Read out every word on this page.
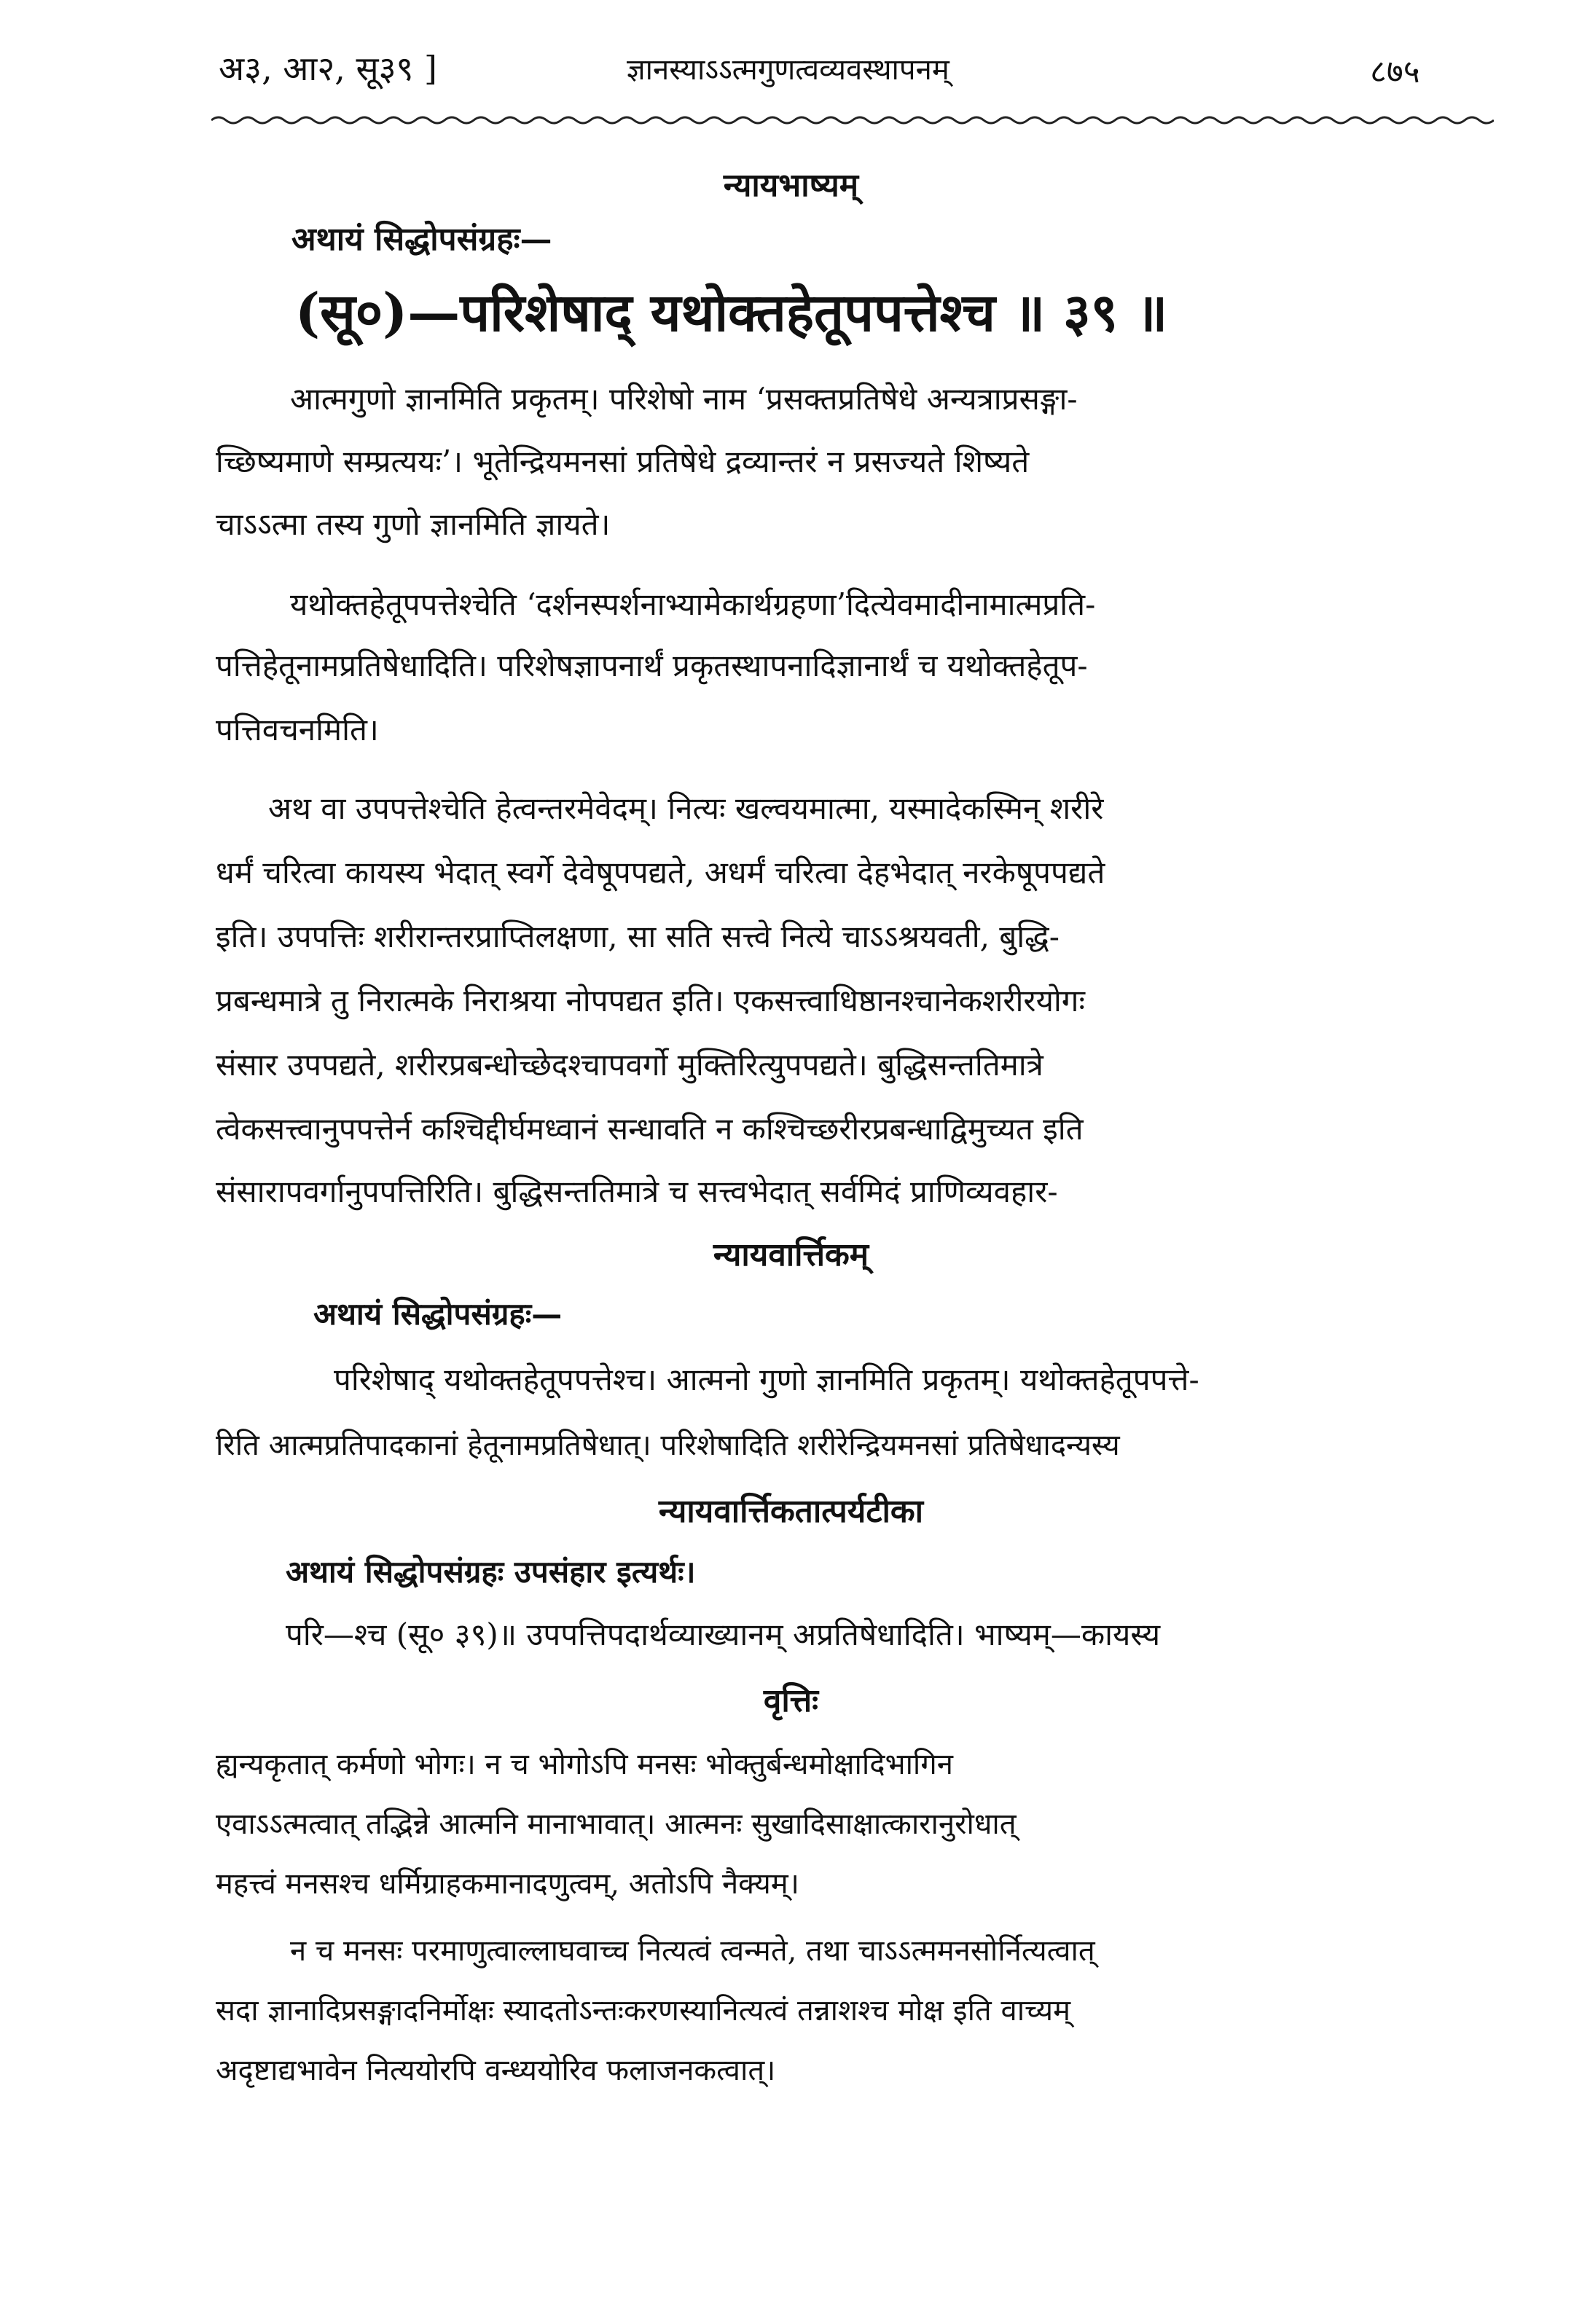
अ३, आ२, सू३९ ]	ज्ञानस्याऽऽत्मगुणत्वव्यवस्थापनम्	८७५
न्यायभाष्यम्
अथायं सिद्धोपसंग्रहः—
(सू०)—परिशेषाद् यथोक्तहेतूपपत्तेश्च ॥ ३९ ॥
आत्मगुणो ज्ञानमिति प्रकृतम्। परिशेषो नाम ‘प्रसक्तप्रतिषेधे अन्यत्राप्रसङ्गा-
च्छिष्यमाणे सम्प्रत्ययः’। भूतेन्द्रियमनसां प्रतिषेधे द्रव्यान्तरं न प्रसज्यते शिष्यते
चाऽऽत्मा तस्य गुणो ज्ञानमिति ज्ञायते।
यथोक्तहेतूपपत्तेश्चेति ‘दर्शनस्पर्शनाभ्यामेकार्थग्रहणा’दित्येवमादीनामात्मप्रति-
पत्तिहेतूनामप्रतिषेधादिति। परिशेषज्ञापनार्थं प्रकृतस्थापनादिज्ञानार्थं च यथोक्तहेतूप-
पत्तिवचनमिति।
अथ वा उपपत्तेश्चेति हेत्वन्तरमेवेदम्। नित्यः खल्वयमात्मा, यस्मादेकस्मिन् शरीरे
धर्मं चरित्वा कायस्य भेदात् स्वर्गे देवेषूपपद्यते, अधर्मं चरित्वा देहभेदात् नरकेषूपपद्यते
इति। उपपत्तिः शरीरान्तरप्राप्तिलक्षणा, सा सति सत्त्वे नित्ये चाऽऽश्रयवती, बुद्धि-
प्रबन्धमात्रे तु निरात्मके निराश्रया नोपपद्यत इति। एकसत्त्वाधिष्ठानश्चानेकशरीरयोगः
संसार उपपद्यते, शरीरप्रबन्धोच्छेदश्चापवर्गो मुक्तिरित्युपपद्यते। बुद्धिसन्ततिमात्रे
त्वेकसत्त्वानुपपत्तेर्न कश्चिद्दीर्घमध्वानं सन्धावति न कश्चिच्छरीरप्रबन्धाद्विमुच्यत इति
संसारापवर्गानुपपत्तिरिति। बुद्धिसन्ततिमात्रे च सत्त्वभेदात् सर्वमिदं प्राणिव्यवहार-
न्यायवार्त्तिकम्
अथायं सिद्धोपसंग्रहः—
परिशेषाद् यथोक्तहेतूपपत्तेश्च। आत्मनो गुणो ज्ञानमिति प्रकृतम्। यथोक्तहेतूपपत्ते-
रिति आत्मप्रतिपादकानां हेतूनामप्रतिषेधात्। परिशेषादिति शरीरेन्द्रियमनसां प्रतिषेधादन्यस्य
न्यायवार्त्तिकतात्पर्यटीका
अथायं सिद्धोपसंग्रहः उपसंहार इत्यर्थः।
परि—श्च (सू० ३९)॥ उपपत्तिपदार्थव्याख्यानम् अप्रतिषेधादिति। भाष्यम्—कायस्य
वृत्तिः
ह्यन्यकृतात् कर्मणो भोगः। न च भोगोऽपि मनसः भोक्तुर्बन्धमोक्षादिभागिन
एवाऽऽत्मत्वात् तद्भिन्ने आत्मनि मानाभावात्। आत्मनः सुखादिसाक्षात्कारानुरोधात्
महत्त्वं मनसश्च धर्मिग्राहकमानादणुत्वम्, अतोऽपि नैक्यम्।
न च मनसः परमाणुत्वाल्लाघवाच्च नित्यत्वं त्वन्मते, तथा चाऽऽत्ममनसोर्नित्यत्वात्
सदा ज्ञानादिप्रसङ्गादनिर्मोक्षः स्यादतोऽन्तःकरणस्यानित्यत्वं तन्नाशश्च मोक्ष इति वाच्यम्
अदृष्टाद्यभावेन नित्ययोरपि वन्ध्ययोरिव फलाजनकत्वात्।
